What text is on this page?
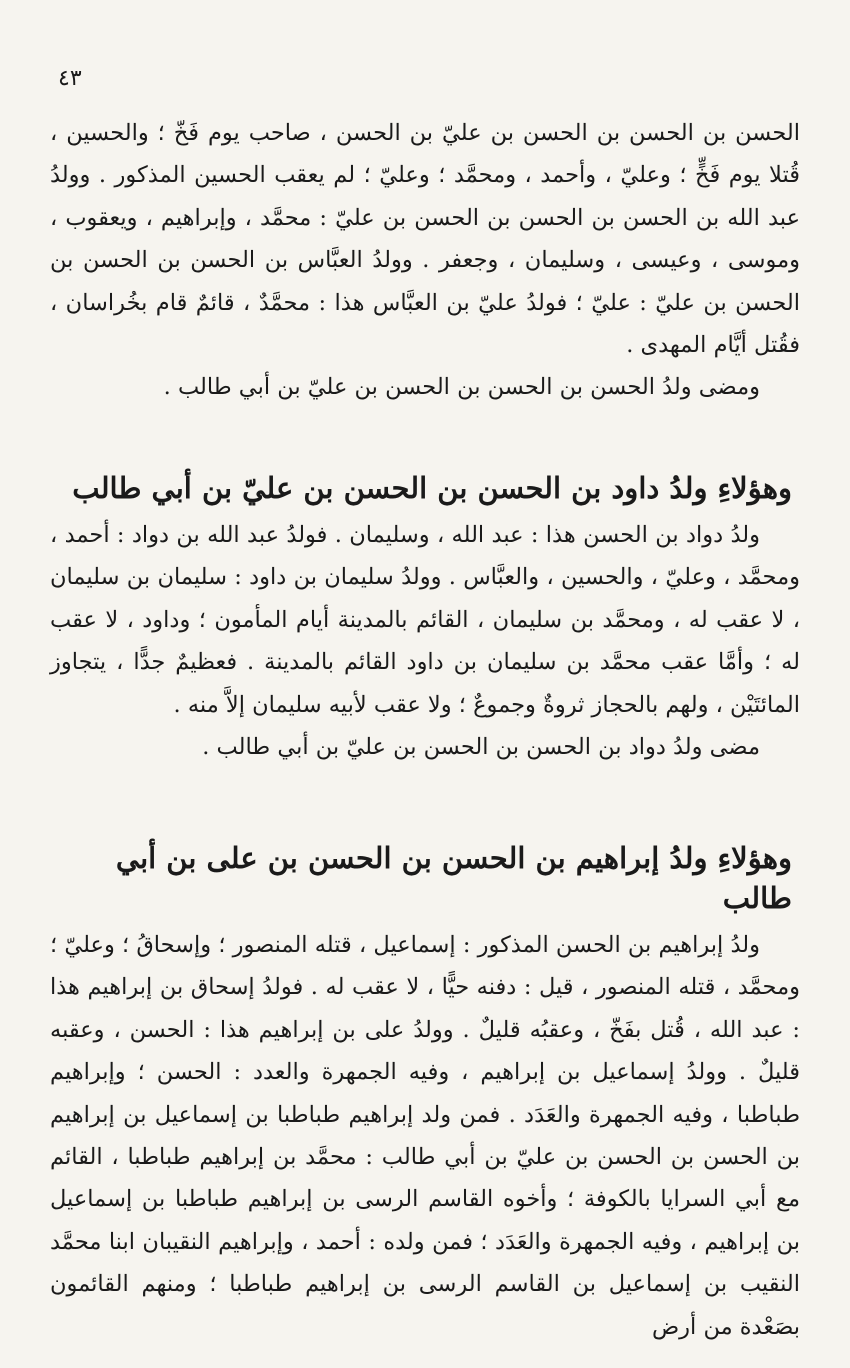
٤٣

الحسن بن الحسن بن الحسن بن عليّ بن الحسن ، صاحب يوم فَخّ ؛ والحسين ، قُتلا يوم فَخٍّ ؛ وعليّ ، وأحمد ، ومحمَّد ؛ وعليّ ؛ لم يعقب الحسين المذكور . وولدُ عبد الله بن الحسن بن الحسن بن الحسن بن عليّ : محمَّد ، وإبراهيم ، ويعقوب ، وموسى ، وعيسى ، وسليمان ، وجعفر . وولدُ العبَّاس بن الحسن بن الحسن بن الحسن بن عليّ : عليّ ؛ فولدُ عليّ بن العبَّاس هذا : محمَّدٌ ، قائمٌ قام بخُراسان ، فقُتل أيَّام المهدى .

ومضى ولدُ الحسن بن الحسن بن الحسن بن عليّ بن أبي طالب .

وهؤلاءِ ولدُ داود بن الحسن بن الحسن بن عليّ بن أبي طالب

ولدُ دواد بن الحسن هذا : عبد الله ، وسليمان . فولدُ عبد الله بن دواد : أحمد ، ومحمَّد ، وعليّ ، والحسين ، والعبَّاس . وولدُ سليمان بن داود : سليمان بن سليمان ، لا عقب له ، ومحمَّد بن سليمان ، القائم بالمدينة أيام المأمون ؛ وداود ، لا عقب له ؛ وأمَّا عقب محمَّد بن سليمان بن داود القائم بالمدينة . فعظيمٌ جدًّا ، يتجاوز المائتَيْن ، ولهم بالحجاز ثروةٌ وجموعٌ ؛ ولا عقب لأبيه سليمان إلاَّ منه .

مضى ولدُ دواد بن الحسن بن الحسن بن عليّ بن أبي طالب .

وهؤلاءِ ولدُ إبراهيم بن الحسن بن الحسن بن على بن أبي طالب

ولدُ إبراهيم بن الحسن المذكور : إسماعيل ، قتله المنصور ؛ وإسحاقُ ؛ وعليّ ؛ ومحمَّد ، قتله المنصور ، قيل : دفنه حيًّا ، لا عقب له . فولدُ إسحاق بن إبراهيم هذا : عبد الله ، قُتل بفَخّ ، وعقبُه قليلٌ . وولدُ على بن إبراهيم هذا : الحسن ، وعقبه قليلٌ . وولدُ إسماعيل بن إبراهيم ، وفيه الجمهرة والعدد : الحسن ؛ وإبراهيم طباطبا ، وفيه الجمهرة والعَدَد . فمن ولد إبراهيم طباطبا بن إسماعيل بن إبراهيم بن الحسن بن الحسن بن عليّ بن أبي طالب : محمَّد بن إبراهيم طباطبا ، القائم مع أبي السرايا بالكوفة ؛ وأخوه القاسم الرسى بن إبراهيم طباطبا بن إسماعيل بن إبراهيم ، وفيه الجمهرة والعَدَد ؛ فمن ولده : أحمد ، وإبراهيم النقيبان ابنا محمَّد النقيب بن إسماعيل بن القاسم الرسى بن إبراهيم طباطبا ؛ ومنهم القائمون بصَعْدة من أرض
